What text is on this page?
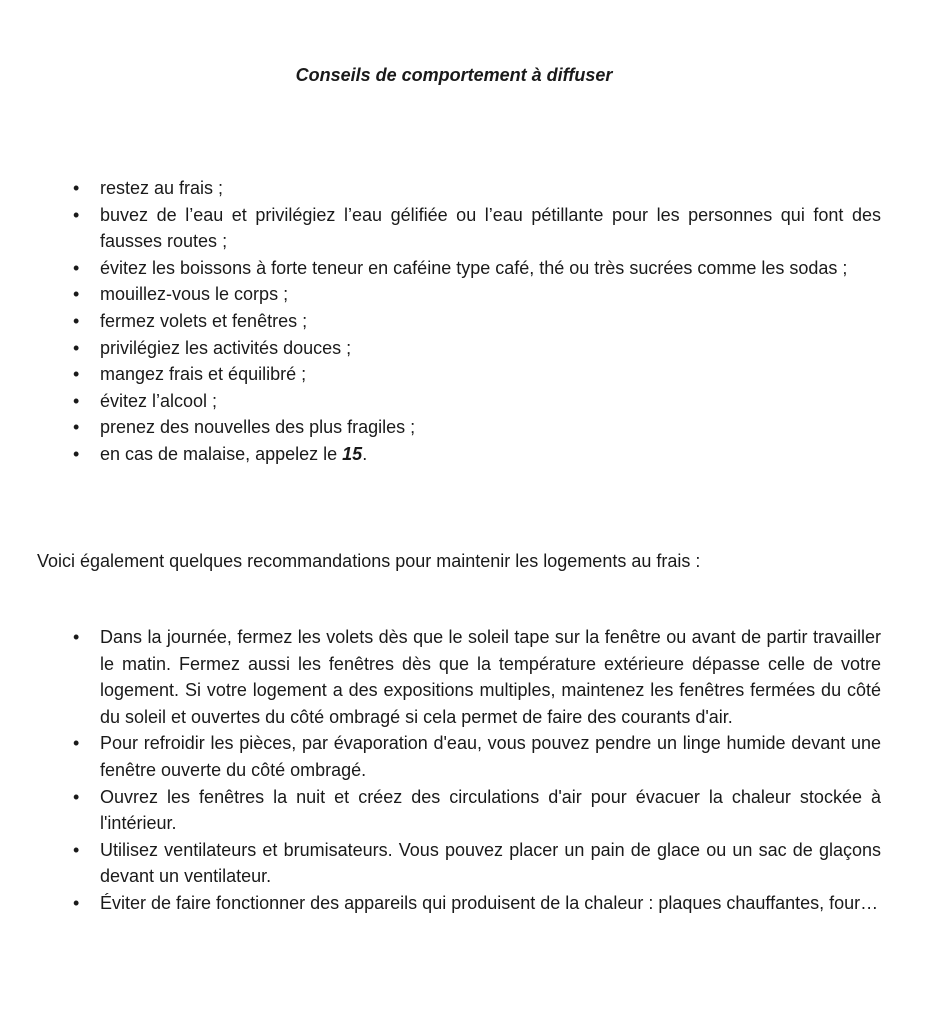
Conseils de comportement à diffuser
• restez au frais ;
• buvez de l’eau et privilégiez l’eau gélifiée ou l’eau pétillante pour les personnes qui font des fausses routes ;
• évitez les boissons à forte teneur en caféine type café, thé ou très sucrées comme les sodas ;
• mouillez-vous le corps ;
• fermez volets et fenêtres ;
• privilégiez les activités douces ;
• mangez frais et équilibré ;
• évitez l’alcool ;
• prenez des nouvelles des plus fragiles ;
• en cas de malaise, appelez le 15.
Voici également quelques recommandations pour maintenir les logements au frais :
• Dans la journée, fermez les volets dès que le soleil tape sur la fenêtre ou avant de partir travailler le matin. Fermez aussi les fenêtres dès que la température extérieure dépasse celle de votre logement. Si votre logement a des expositions multiples, maintenez les fenêtres fermées du côté du soleil et ouvertes du côté ombragé si cela permet de faire des courants d'air.
• Pour refroidir les pièces, par évaporation d'eau, vous pouvez pendre un linge humide devant une fenêtre ouverte du côté ombragé.
• Ouvrez les fenêtres la nuit et créez des circulations d'air pour évacuer la chaleur stockée à l'intérieur.
• Utilisez ventilateurs et brumisateurs. Vous pouvez placer un pain de glace ou un sac de glaçons devant un ventilateur.
• Éviter de faire fonctionner des appareils qui produisent de la chaleur : plaques chauffantes, four…
